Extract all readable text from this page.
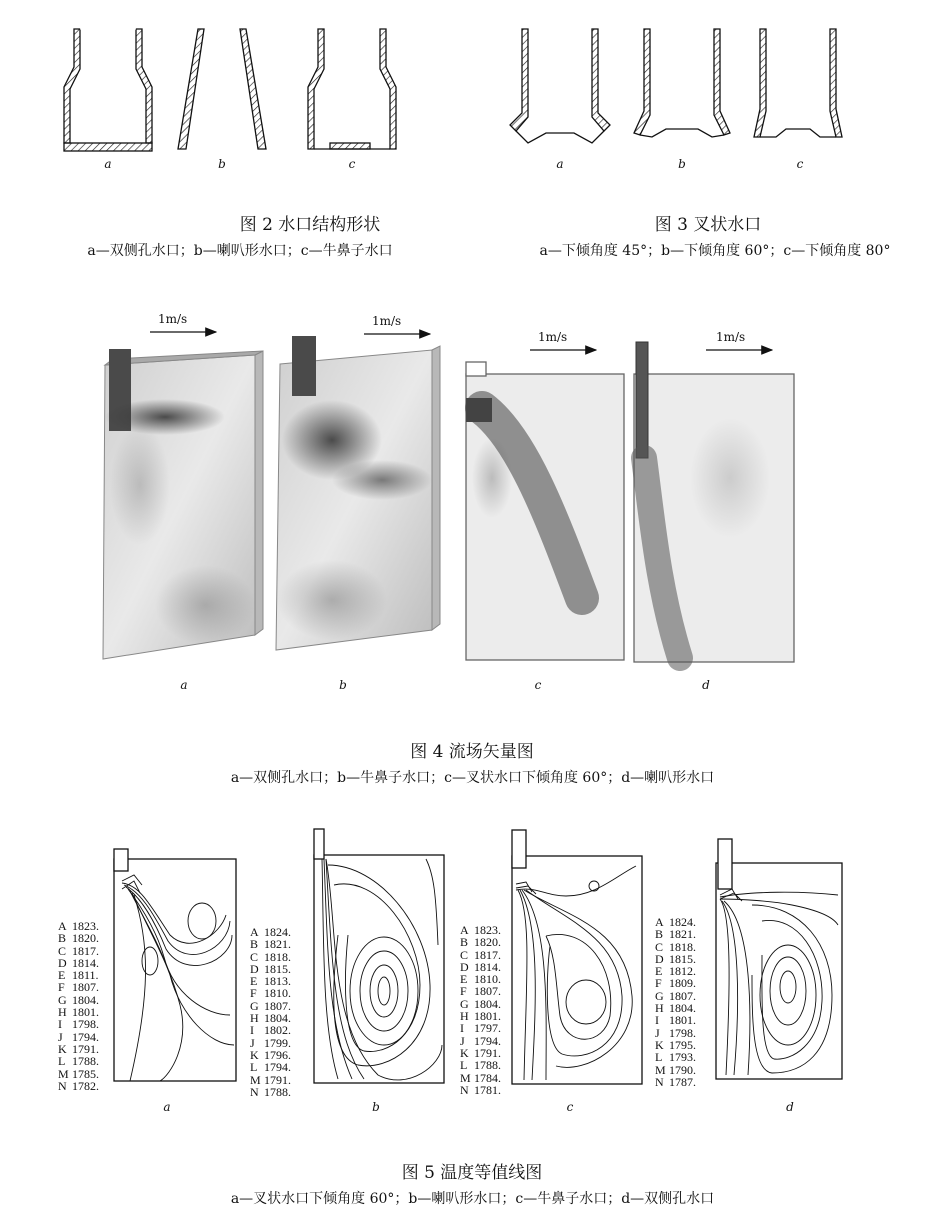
a	b	c
图 2 水口结构形状
a—双侧孔水口；b—喇叭形水口；c—牛鼻子水口
a	b	c
图 3 叉状水口
a—下倾角度 45°；b—下倾角度 60°；c—下倾角度 80°
1m/s	1m/s
1m/s	1m/s
a	b	c	d
图 4 流场矢量图
a—双侧孔水口；b—牛鼻子水口；c—叉状水口下倾角度 60°；d—喇叭形水口
A 1823.
B 1820.
C 1817.
D 1814.
E 1811.
F 1807.
G 1804.
H 1801.
I 1798.
J 1794.
K 1791.
L 1788.
M 1785.
N 1782.
A 1824.
B 1821.
C 1818.
D 1815.
E 1813.
F 1810.
G 1807.
H 1804.
I 1802.
J 1799.
K 1796.
L 1794.
M 1791.
N 1788.
A 1823.
B 1820.
C 1817.
D 1814.
E 1810.
F 1807.
G 1804.
H 1801.
I 1797.
J 1794.
K 1791.
L 1788.
M 1784.
N 1781.
A 1824.
B 1821.
C 1818.
D 1815.
E 1812.
F 1809.
G 1807.
H 1804.
I 1801.
J 1798.
K 1795.
L 1793.
M 1790.
N 1787.
a	b	c	d
图 5 温度等值线图
a—叉状水口下倾角度 60°；b—喇叭形水口；c—牛鼻子水口；d—双侧孔水口
